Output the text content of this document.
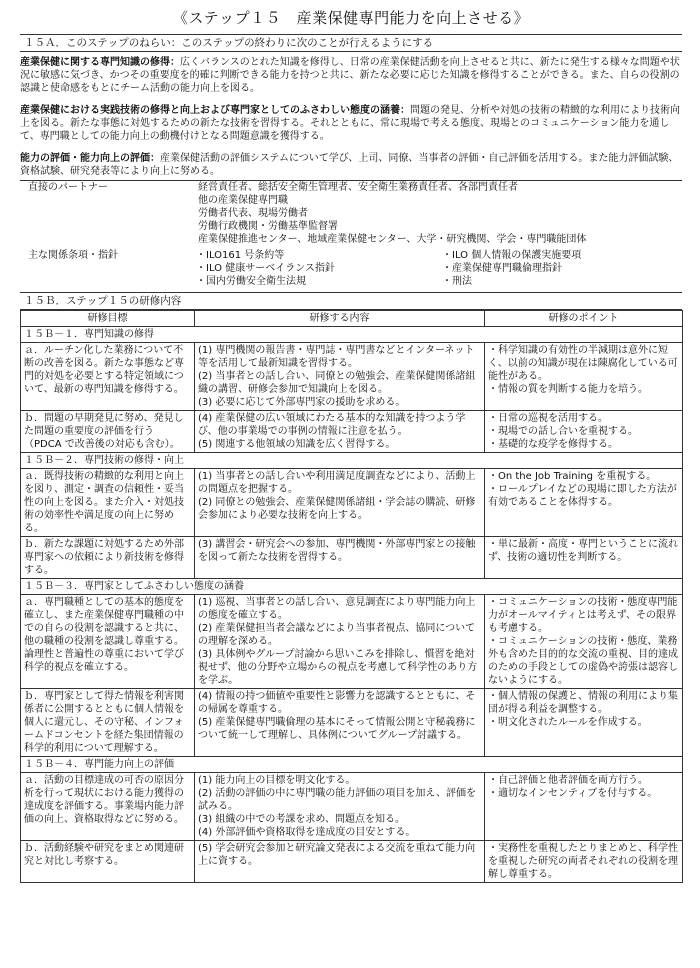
《ステップ１５　産業保健専門能力を向上させる》
１５Ａ．このステップのねらい：このステップの終わりに次のことが行えるようにする
産業保健に関する専門知識の修得：広くバランスのとれた知識を修得し、日常の産業保健活動を向上させると共に、新たに発生する様々な問題や状況に敏感に気づき、かつその重要度を的確に判断できる能力を持つと共に、新たな必要に応じた知識を修得することができる。また、自らの役割の認識と使命感をもとにチーム活動の能力向上を図る。
産業保健における実践技術の修得と向上および専門家としてのふさわしい態度の涵養：問題の発見、分析や対処の技術の精緻的な利用により技術向上を図る。新たな事態に対処するための新たな技術を習得する。それとともに、常に現場で考える態度、現場とのコミュニケーション能力を通して、専門職としての能力向上の動機付けとなる問題意識を獲得する。
能力の評価・能力向上の評価：産業保健活動の評価システムについて学び、上司、同僚、当事者の評価・自己評価を活用する。また能力評価試験、資格試験、研究発表等により向上に努める。
直接のパートナー	経営責任者、総括安全衛生管理者、安全衛生業務責任者、各部門責任者
他の産業保健専門職
労働者代表、現場労働者
労働行政機関・労働基準監督署
産業保健推進センター、地域産業保健センター、大学・研究機関、学会・専門職能団体
主な関係条項・指針	・ILO161 号条約等	・ILO 個人情報の保護実施要項
・ILO 健康サーベイランス指針	・産業保健専門職倫理指針
・国内労働安全衛生法規	・刑法
１５Ｂ．ステップ１５の研修内容
研修目標	研修する内容	研修のポイント
１５Ｂ－１．専門知識の修得		
ａ．ルーチン化した業務について不断の改善を図る。新たな事態など専門的対処を必要とする特定領域について、最新の専門知識を修得する。	(1) 専門機関の報告書・専門誌・専門書などとインターネット等を活用して最新知識を習得する。
(2) 当事者との話し合い、同僚との勉強会、産業保健関係諸組織の講習、研修会参加で知識向上を図る。
(3) 必要に応じて外部専門家の援助を求める。	・科学知識の有効性の半減期は意外に短く、以前の知識が現在は陳腐化している可能性がある。
・情報の質を判断する能力を培う。

ｂ．問題の早期発見に努め、発見した問題の重要度の評価を行う（PDCA で改善後の対応も含む）。	(4) 産業保健の広い領域にわたる基本的な知識を持つよう学び、他の事業場での事例の情報に注意を払う。
(5) 関連する他領域の知識を広く習得する。	・日常の巡視を活用する。
・現場での話し合いを重視する。
・基礎的な疫学を修得する。

１５Ｂ－２．専門技術の修得・向上		
ａ．既得技術の精緻的な利用と向上を図り、測定・調査の信頼性・妥当性の向上を図る。また介入・対処技術の効率性や満足度の向上に努める。	(1) 当事者との話し合いや利用満足度調査などにより、活動上の問題点を把握する。
(2) 同僚との勉強会、産業保健関係諸組・学会誌の購読、研修会参加により必要な技術を向上する。	・On the Job Training を重視する。
・ロールプレイなどの現場に即した方法が有効であることを体得する。

ｂ．新たな課題に対処するため外部専門家への依頼により新技術を修得する。	(3) 講習会・研究会への参加、専門機関・外部専門家との接触を図って新たな技術を習得する。	・単に最新・高度・専門ということに流れず、技術の適切性を判断する。

１５Ｂ－３．専門家としてふさわしい態度の涵養		
ａ．専門職種としての基本的態度を確立し、また産業保健専門職種の中での自らの役割を認識すると共に、他の職種の役割を認識し尊重する。論理性と普遍性の尊重において学び科学的視点を確立する。	(1) 巡視、当事者との話し合い、意見調査により専門能力向上の態度を確立する。
(2) 産業保健担当者会議などにより当事者視点、協同についての理解を深める。
(3) 具体例やグループ討論から思いこみを排除し、慣習を絶対視せず、他の分野や立場からの視点を考慮して科学性のあり方を学ぶ。	・コミュニケーションの技術・態度専門能力がオールマイティとは考えず、その限界も考慮する。
・コミュニケーションの技術・態度、業務外も含めた目的的な交流の重視、目的達成のための手段としての虚偽や誇張は認容しないようにする。

ｂ．専門家として得た情報を利害関係者に公開するとともに個人情報を個人に還元し、その守秘、インフォームドコンセントを経た集団情報の科学的利用について理解する。	(4) 情報の持つ価値や重要性と影響力を認識するとともに、その帰属を尊重する。
(5) 産業保健専門職倫理の基本にそって情報公開と守秘義務について統一して理解し、具体例についてグループ討議する。	・個人情報の保護と、情報の利用により集団が得る利益を調整する。
・明文化されたルールを作成する。

１５Ｂ－４．専門能力向上の評価		
ａ．活動の目標達成の可否の原因分析を行って現状における能力獲得の達成度を評価する。事業場内能力評価の向上、資格取得などに努める。	(1) 能力向上の目標を明文化する。
(2) 活動の評価の中に専門職の能力評価の項目を加え、評価を試みる。
(3) 組織の中での考課を求め、問題点を知る。
(4) 外部評価や資格取得を達成度の目安とする。	・自己評価と他者評価を両方行う。
・適切なインセンティブを付与する。

ｂ．活動経験や研究をまとめ関連研究と対比し考察する。	(5) 学会研究会参加と研究論文発表による交流を重ねて能力向上に資する。	・実務性を重視したとりまとめと、科学性を重視した研究の両者それぞれの役割を理解し尊重する。
